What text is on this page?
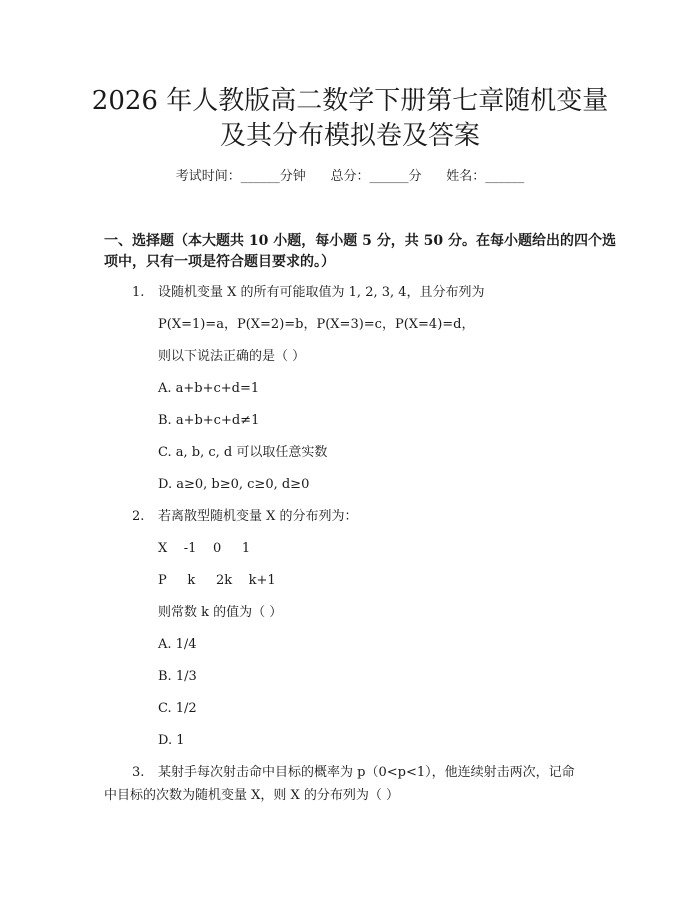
2026 年人教版高二数学下册第七章随机变量
及其分布模拟卷及答案
考试时间：______分钟      总分：______分      姓名：______
一、选择题（本大题共 10 小题，每小题 5 分，共 50 分。在每小题给出的四个选
项中，只有一项是符合题目要求的。）
1. 设随机变量 X 的所有可能取值为 1, 2, 3, 4，且分布列为
P(X=1)=a，P(X=2)=b，P(X=3)=c，P(X=4)=d，
则以下说法正确的是（ ）
A. a+b+c+d=1
B. a+b+c+d≠1
C. a, b, c, d 可以取任意实数
D. a≥0, b≥0, c≥0, d≥0
2. 若离散型随机变量 X 的分布列为：
X    -1    0     1
P     k     2k    k+1
则常数 k 的值为（ ）
A. 1/4
B. 1/3
C. 1/2
D. 1
3. 某射手每次射击命中目标的概率为 p（0<p<1），他连续射击两次，记命
中目标的次数为随机变量 X，则 X 的分布列为（ ）
